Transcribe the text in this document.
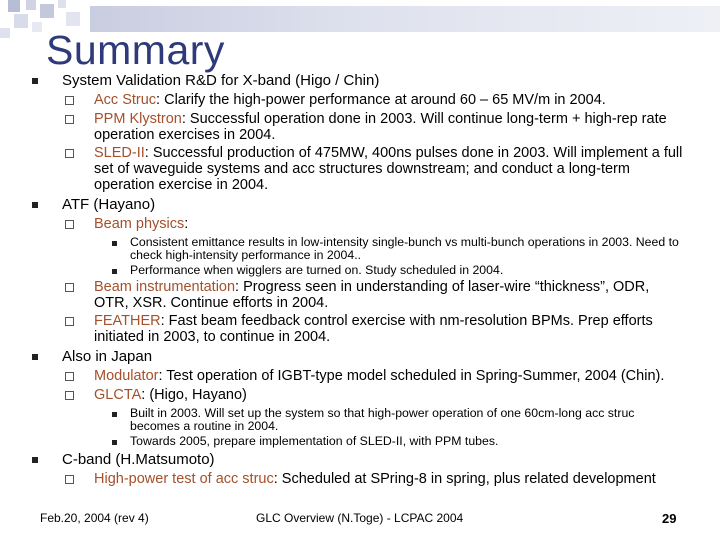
Summary
System Validation R&D for X-band (Higo / Chin)
Acc Struc: Clarify the high-power performance at around 60 – 65 MV/m in 2004.
PPM Klystron: Successful operation done in 2003. Will continue long-term + high-rep rate operation exercises in 2004.
SLED-II: Successful production of 475MW, 400ns pulses done in 2003. Will implement a full set of waveguide systems and acc structures downstream; and conduct a long-term operation exercise in 2004.
ATF (Hayano)
Beam physics:
Consistent emittance results in low-intensity single-bunch vs multi-bunch operations in 2003. Need to check high-intensity performance in 2004..
Performance when wigglers are turned on. Study scheduled in 2004.
Beam instrumentation: Progress seen in understanding of laser-wire “thickness”, ODR, OTR, XSR. Continue efforts in 2004.
FEATHER: Fast beam feedback control exercise with nm-resolution BPMs. Prep efforts initiated in 2003, to continue in 2004.
Also in Japan
Modulator: Test operation of IGBT-type model scheduled in Spring-Summer, 2004 (Chin).
GLCTA: (Higo, Hayano)
Built in 2003. Will set up the system so that high-power operation of one 60cm-long acc struc becomes a routine in 2004.
Towards 2005, prepare implementation of SLED-II, with PPM tubes.
C-band (H.Matsumoto)
High-power test of acc struc: Scheduled at SPring-8 in spring, plus related development
Feb.20, 2004 (rev 4)	GLC Overview (N.Toge) - LCPAC 2004	29
